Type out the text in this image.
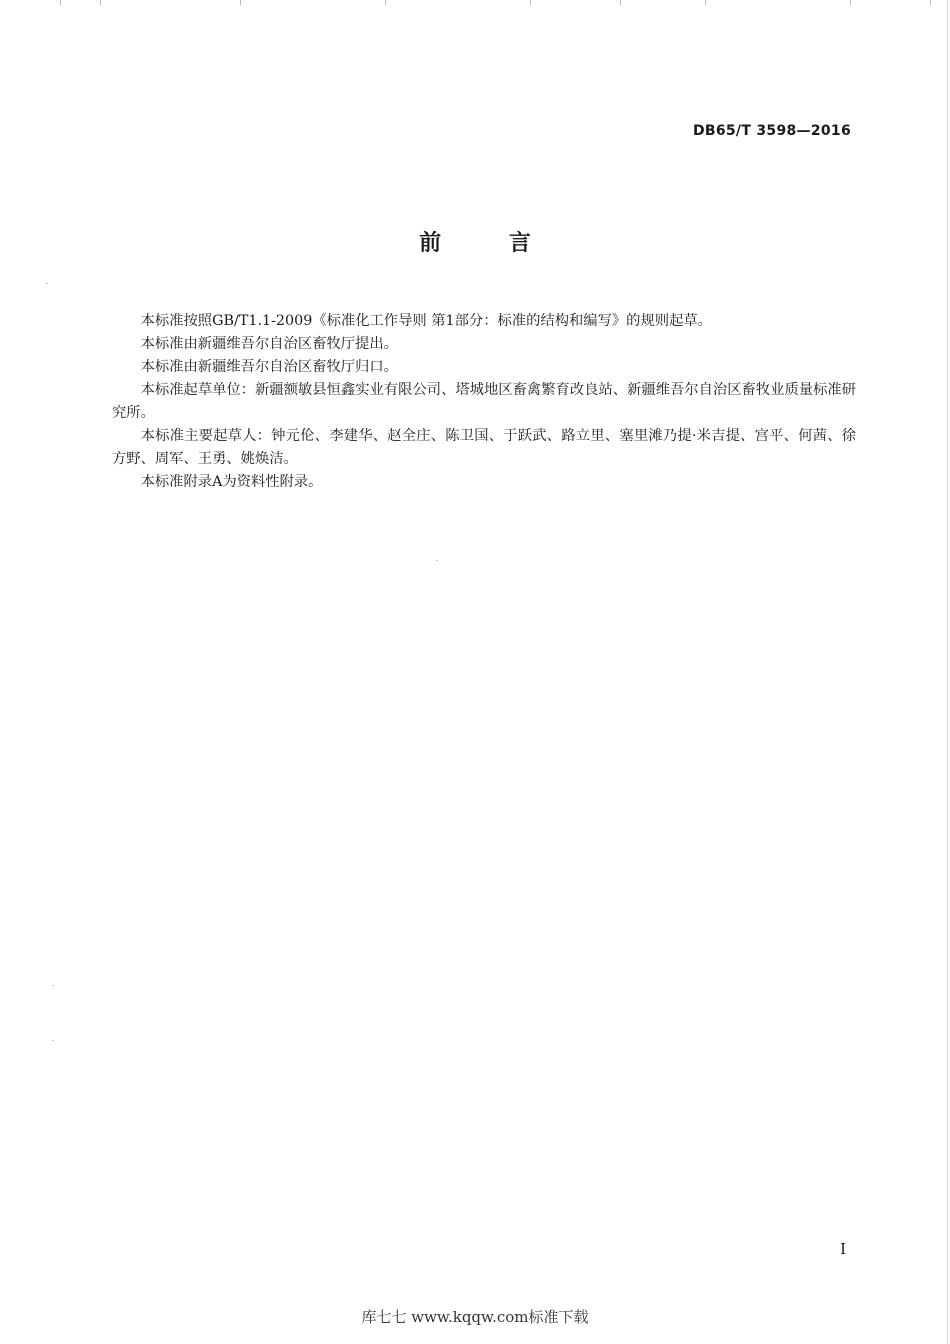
DB65/T 3598—2016
前 言

本标准按照GB/T1.1-2009《标准化工作导则 第1部分：标准的结构和编写》的规则起草。

本标准由新疆维吾尔自治区畜牧厅提出。

本标准由新疆维吾尔自治区畜牧厅归口。

本标准起草单位：新疆额敏县恒鑫实业有限公司、塔城地区畜禽繁育改良站、新疆维吾尔自治区畜牧业质量标准研究所。

本标准主要起草人：钟元伦、李建华、赵全庄、陈卫国、于跃武、路立里、塞里滩乃提·米吉提、宫平、何茜、徐方野、周军、王勇、姚焕洁。

本标准附录A为资料性附录。

I
库七七 www.kqqw.com标准下载
